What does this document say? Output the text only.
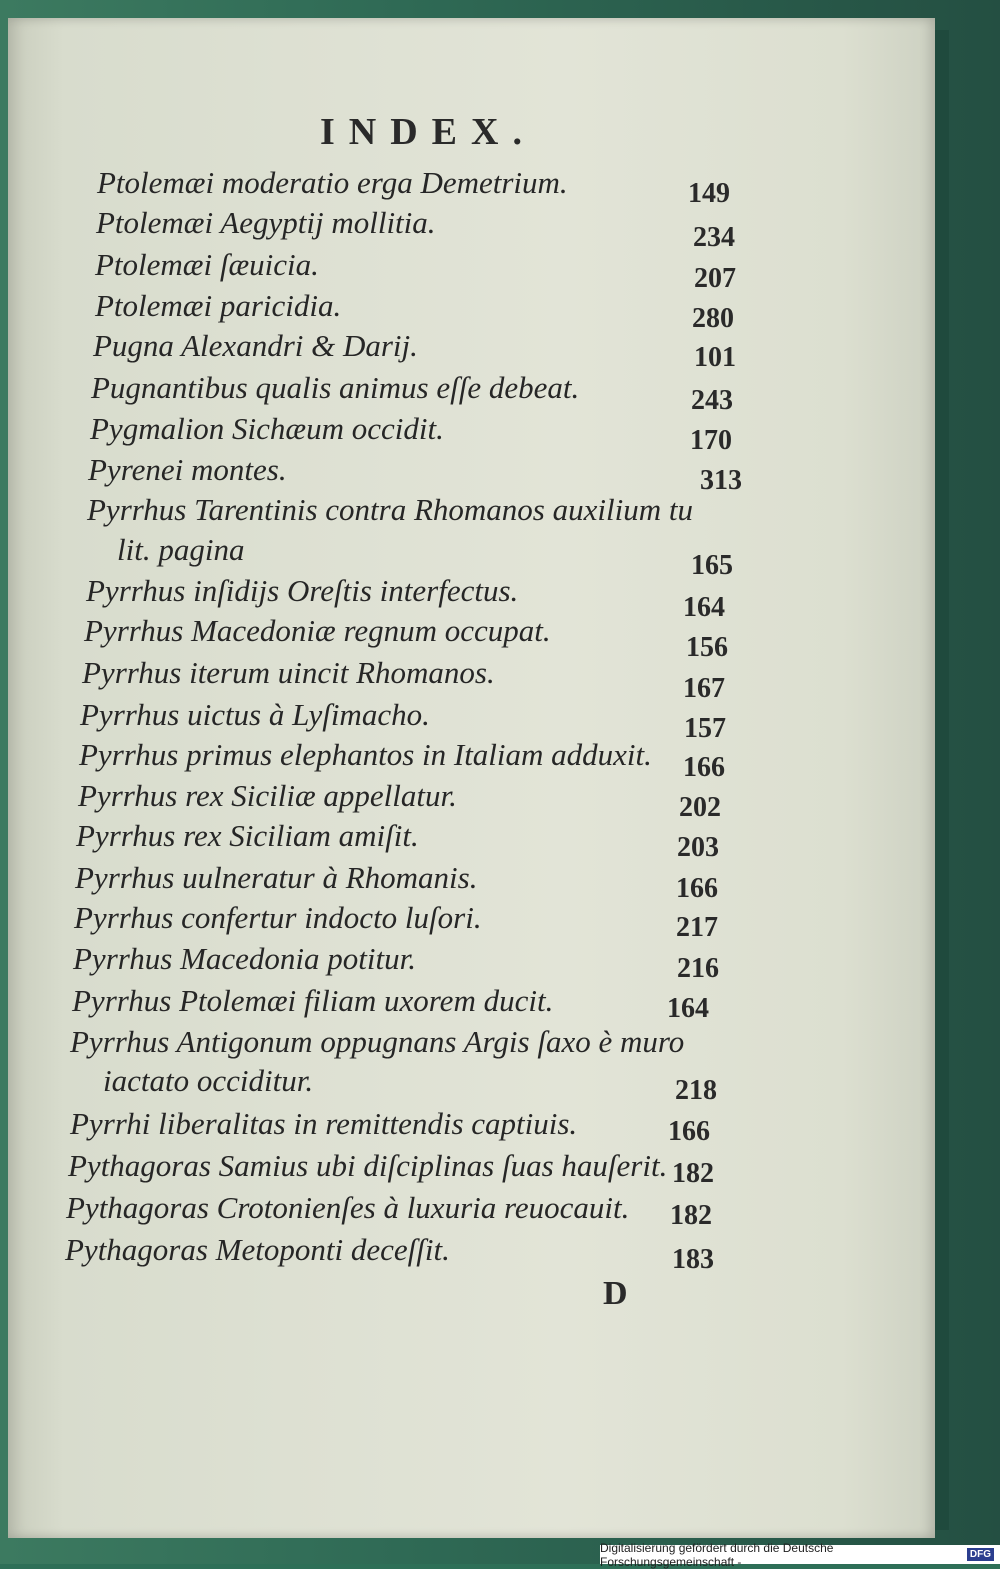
INDEX.
Ptolemæi moderatio erga Demetrium.	149
Ptolemæi Aegyptij mollitia.	234
Ptolemæi ſæuicia.	207
Ptolemæi paricidia.	280
Pugna Alexandri & Darij.	101
Pugnantibus qualis animus eſſe debeat.	243
Pygmalion Sichæum occidit.	170
Pyrenei montes.	313
Pyrrhus Tarentinis contra Rhomanos auxilium tu
lit. pagina	165
Pyrrhus inſidijs Oreſtis interfectus.	164
Pyrrhus Macedoniæ regnum occupat.	156
Pyrrhus iterum uincit Rhomanos.	167
Pyrrhus uictus à Lyſimacho.	157
Pyrrhus primus elephantos in Italiam adduxit. 166
Pyrrhus rex Siciliæ appellatur.	202
Pyrrhus rex Siciliam amiſit.	203
Pyrrhus uulneratur à Rhomanis.	166
Pyrrhus confertur indocto luſori.	217
Pyrrhus Macedonia potitur.	216
Pyrrhus Ptolemæi filiam uxorem ducit.	164
Pyrrhus Antigonum oppugnans Argis ſaxo è muro
iactato occiditur.	218
Pyrrhi liberalitas in remittendis captiuis.	166
Pythagoras Samius ubi diſciplinas ſuas hauſerit. 182
Pythagoras Crotonienſes à luxuria reuocauit. 182
Pythagoras Metoponti deceſſit.	183
D
Digitalisierung gefördert durch die Deutsche Forschungsgemeinschaft -	DFG
